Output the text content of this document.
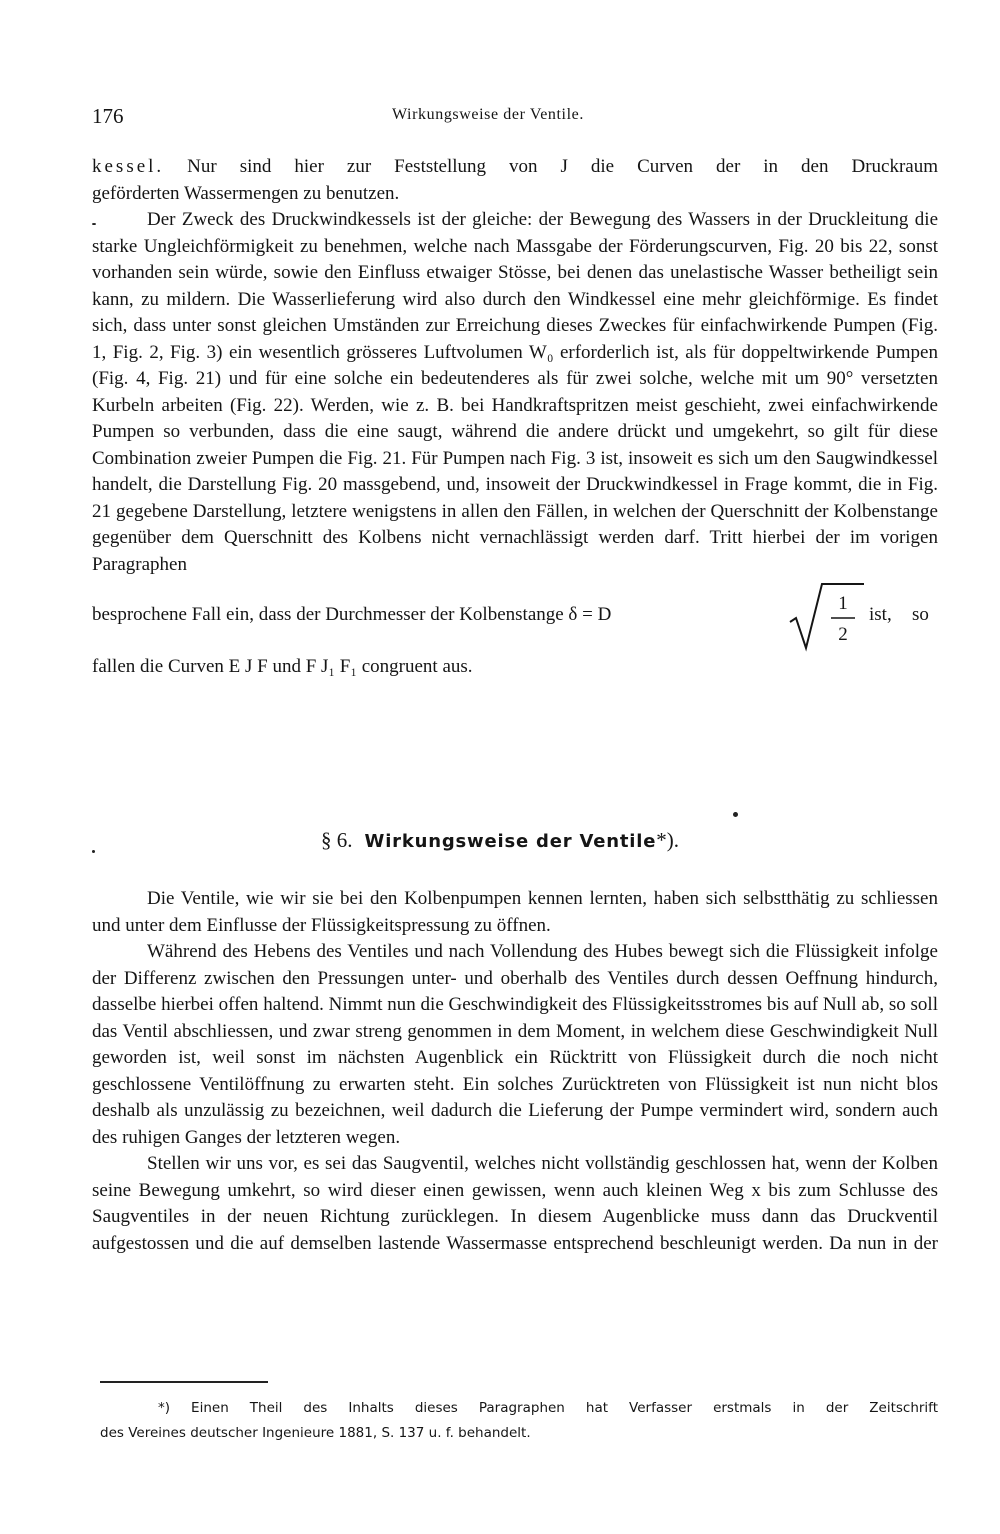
176	Wirkungsweise der Ventile.

kessel. Nur sind hier zur Feststellung von J die Curven der in den Druckraum

geförderten Wassermengen zu benutzen.

Der Zweck des Druckwindkessels ist der gleiche: der Bewegung des Wassers in der Druckleitung die starke Ungleichförmigkeit zu benehmen, welche nach Massgabe der Förderungscurven, Fig. 20 bis 22, sonst vorhanden sein würde, sowie den Einfluss etwaiger Stösse, bei denen das unelastische Wasser betheiligt sein kann, zu mildern. Die Wasserlieferung wird also durch den Windkessel eine mehr gleichförmige. Es findet sich, dass unter sonst gleichen Umständen zur Erreichung dieses Zweckes für einfachwirkende Pumpen (Fig. 1, Fig. 2, Fig. 3) ein wesentlich grösseres Luftvolumen W₀ erforderlich ist, als für doppeltwirkende Pumpen (Fig. 4, Fig. 21) und für eine solche ein bedeutenderes als für zwei solche, welche mit um 90° versetzten Kurbeln arbeiten (Fig. 22). Werden, wie z. B. bei Handkraftspritzen meist geschieht, zwei einfachwirkende Pumpen so verbunden, dass die eine saugt, während die andere drückt und umgekehrt, so gilt für diese Combination zweier Pumpen die Fig. 21. Für Pumpen nach Fig. 3 ist, insoweit es sich um den Saugwindkessel handelt, die Darstellung Fig. 20 massgebend, und, insoweit der Druckwindkessel in Frage kommt, die in Fig. 21 gegebene Darstellung, letztere wenigstens in allen den Fällen, in welchen der Querschnitt der Kolbenstange gegenüber dem Querschnitt des Kolbens nicht vernachlässigt werden darf. Tritt hierbei der im vorigen Paragraphen

besprochene Fall ein, dass der Durchmesser der Kolbenstange δ = D
1
2
ist, so

fallen die Curven E J F und F J₁ F₁ congruent aus.

§ 6. Wirkungsweise der Ventile*).

Die Ventile, wie wir sie bei den Kolbenpumpen kennen lernten, haben sich selbstthätig zu schliessen und unter dem Einflusse der Flüssigkeitspressung zu öffnen.

Während des Hebens des Ventiles und nach Vollendung des Hubes bewegt sich die Flüssigkeit infolge der Differenz zwischen den Pressungen unter- und oberhalb des Ventiles durch dessen Oeffnung hindurch, dasselbe hierbei offen haltend. Nimmt nun die Geschwindigkeit des Flüssigkeitsstromes bis auf Null ab, so soll das Ventil abschliessen, und zwar streng genommen in dem Moment, in welchem diese Geschwindigkeit Null geworden ist, weil sonst im nächsten Augenblick ein Rücktritt von Flüssigkeit durch die noch nicht geschlossene Ventilöffnung zu erwarten steht. Ein solches Zurücktreten von Flüssigkeit ist nun nicht blos deshalb als unzulässig zu bezeichnen, weil dadurch die Lieferung der Pumpe vermindert wird, sondern auch des ruhigen Ganges der letzteren wegen.

Stellen wir uns vor, es sei das Saugventil, welches nicht vollständig geschlossen hat, wenn der Kolben seine Bewegung umkehrt, so wird dieser einen gewissen, wenn auch kleinen Weg x bis zum Schlusse des Saugventiles in der neuen Richtung zurücklegen. In diesem Augenblicke muss dann das Druckventil aufgestossen und die auf demselben lastende Wassermasse entsprechend beschleunigt werden. Da nun in der

*) Einen Theil des Inhalts dieses Paragraphen hat Verfasser erstmals in der Zeitschrift

des Vereines deutscher Ingenieure 1881, S. 137 u. f. behandelt.
